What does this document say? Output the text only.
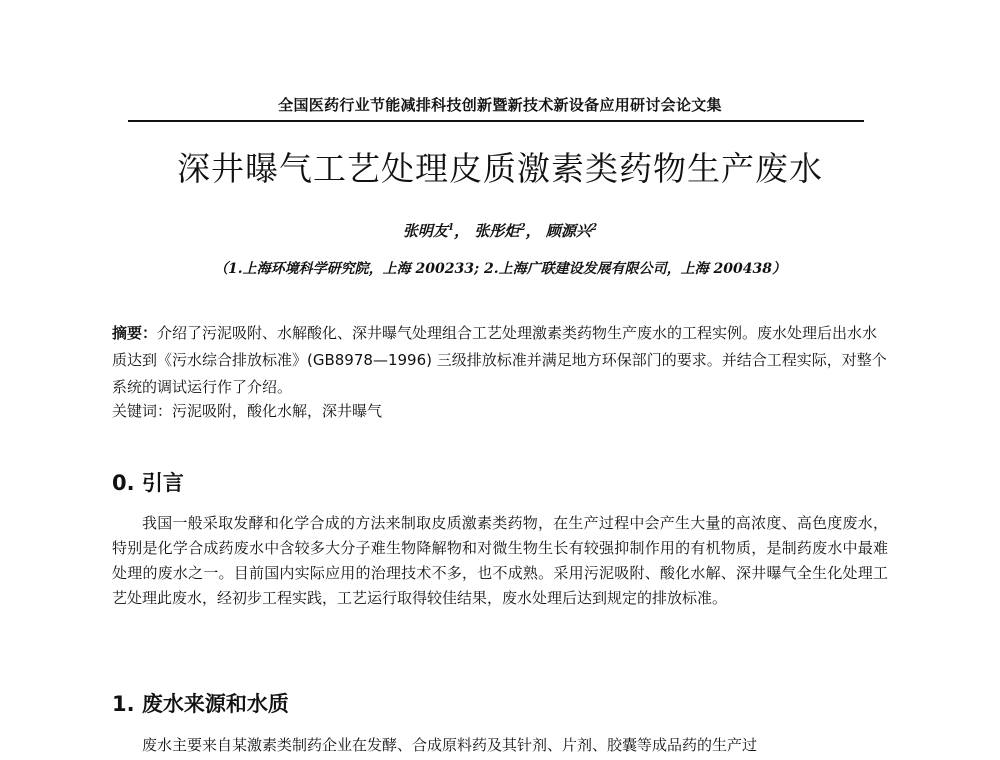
全国医药行业节能减排科技创新暨新技术新设备应用研讨会论文集
深井曝气工艺处理皮质激素类药物生产废水
张明友$^1$， 张彤炬$^2$， 顾源兴$^2$
（1.上海环境科学研究院，上海 200233; 2.上海广联建设发展有限公司，上海 200438）
摘要：介绍了污泥吸附、水解酸化、深井曝气处理组合工艺处理激素类药物生产废水的工程实例。废水处理后出水水质达到《污水综合排放标准》(GB8978—1996) 三级排放标准并满足地方环保部门的要求。并结合工程实际，对整个系统的调试运行作了介绍。
关键词：污泥吸附，酸化水解，深井曝气
0. 引言
我国一般采取发酵和化学合成的方法来制取皮质激素类药物，在生产过程中会产生大量的高浓度、高色度废水，特别是化学合成药废水中含较多大分子难生物降解物和对微生物生长有较强抑制作用的有机物质，是制药废水中最难处理的废水之一。目前国内实际应用的治理技术不多，也不成熟。采用污泥吸附、酸化水解、深井曝气全生化处理工艺处理此废水，经初步工程实践，工艺运行取得较佳结果，废水处理后达到规定的排放标准。
1. 废水来源和水质
废水主要来自某激素类制药企业在发酵、合成原料药及其针剂、片剂、胶囊等成品药的生产过
